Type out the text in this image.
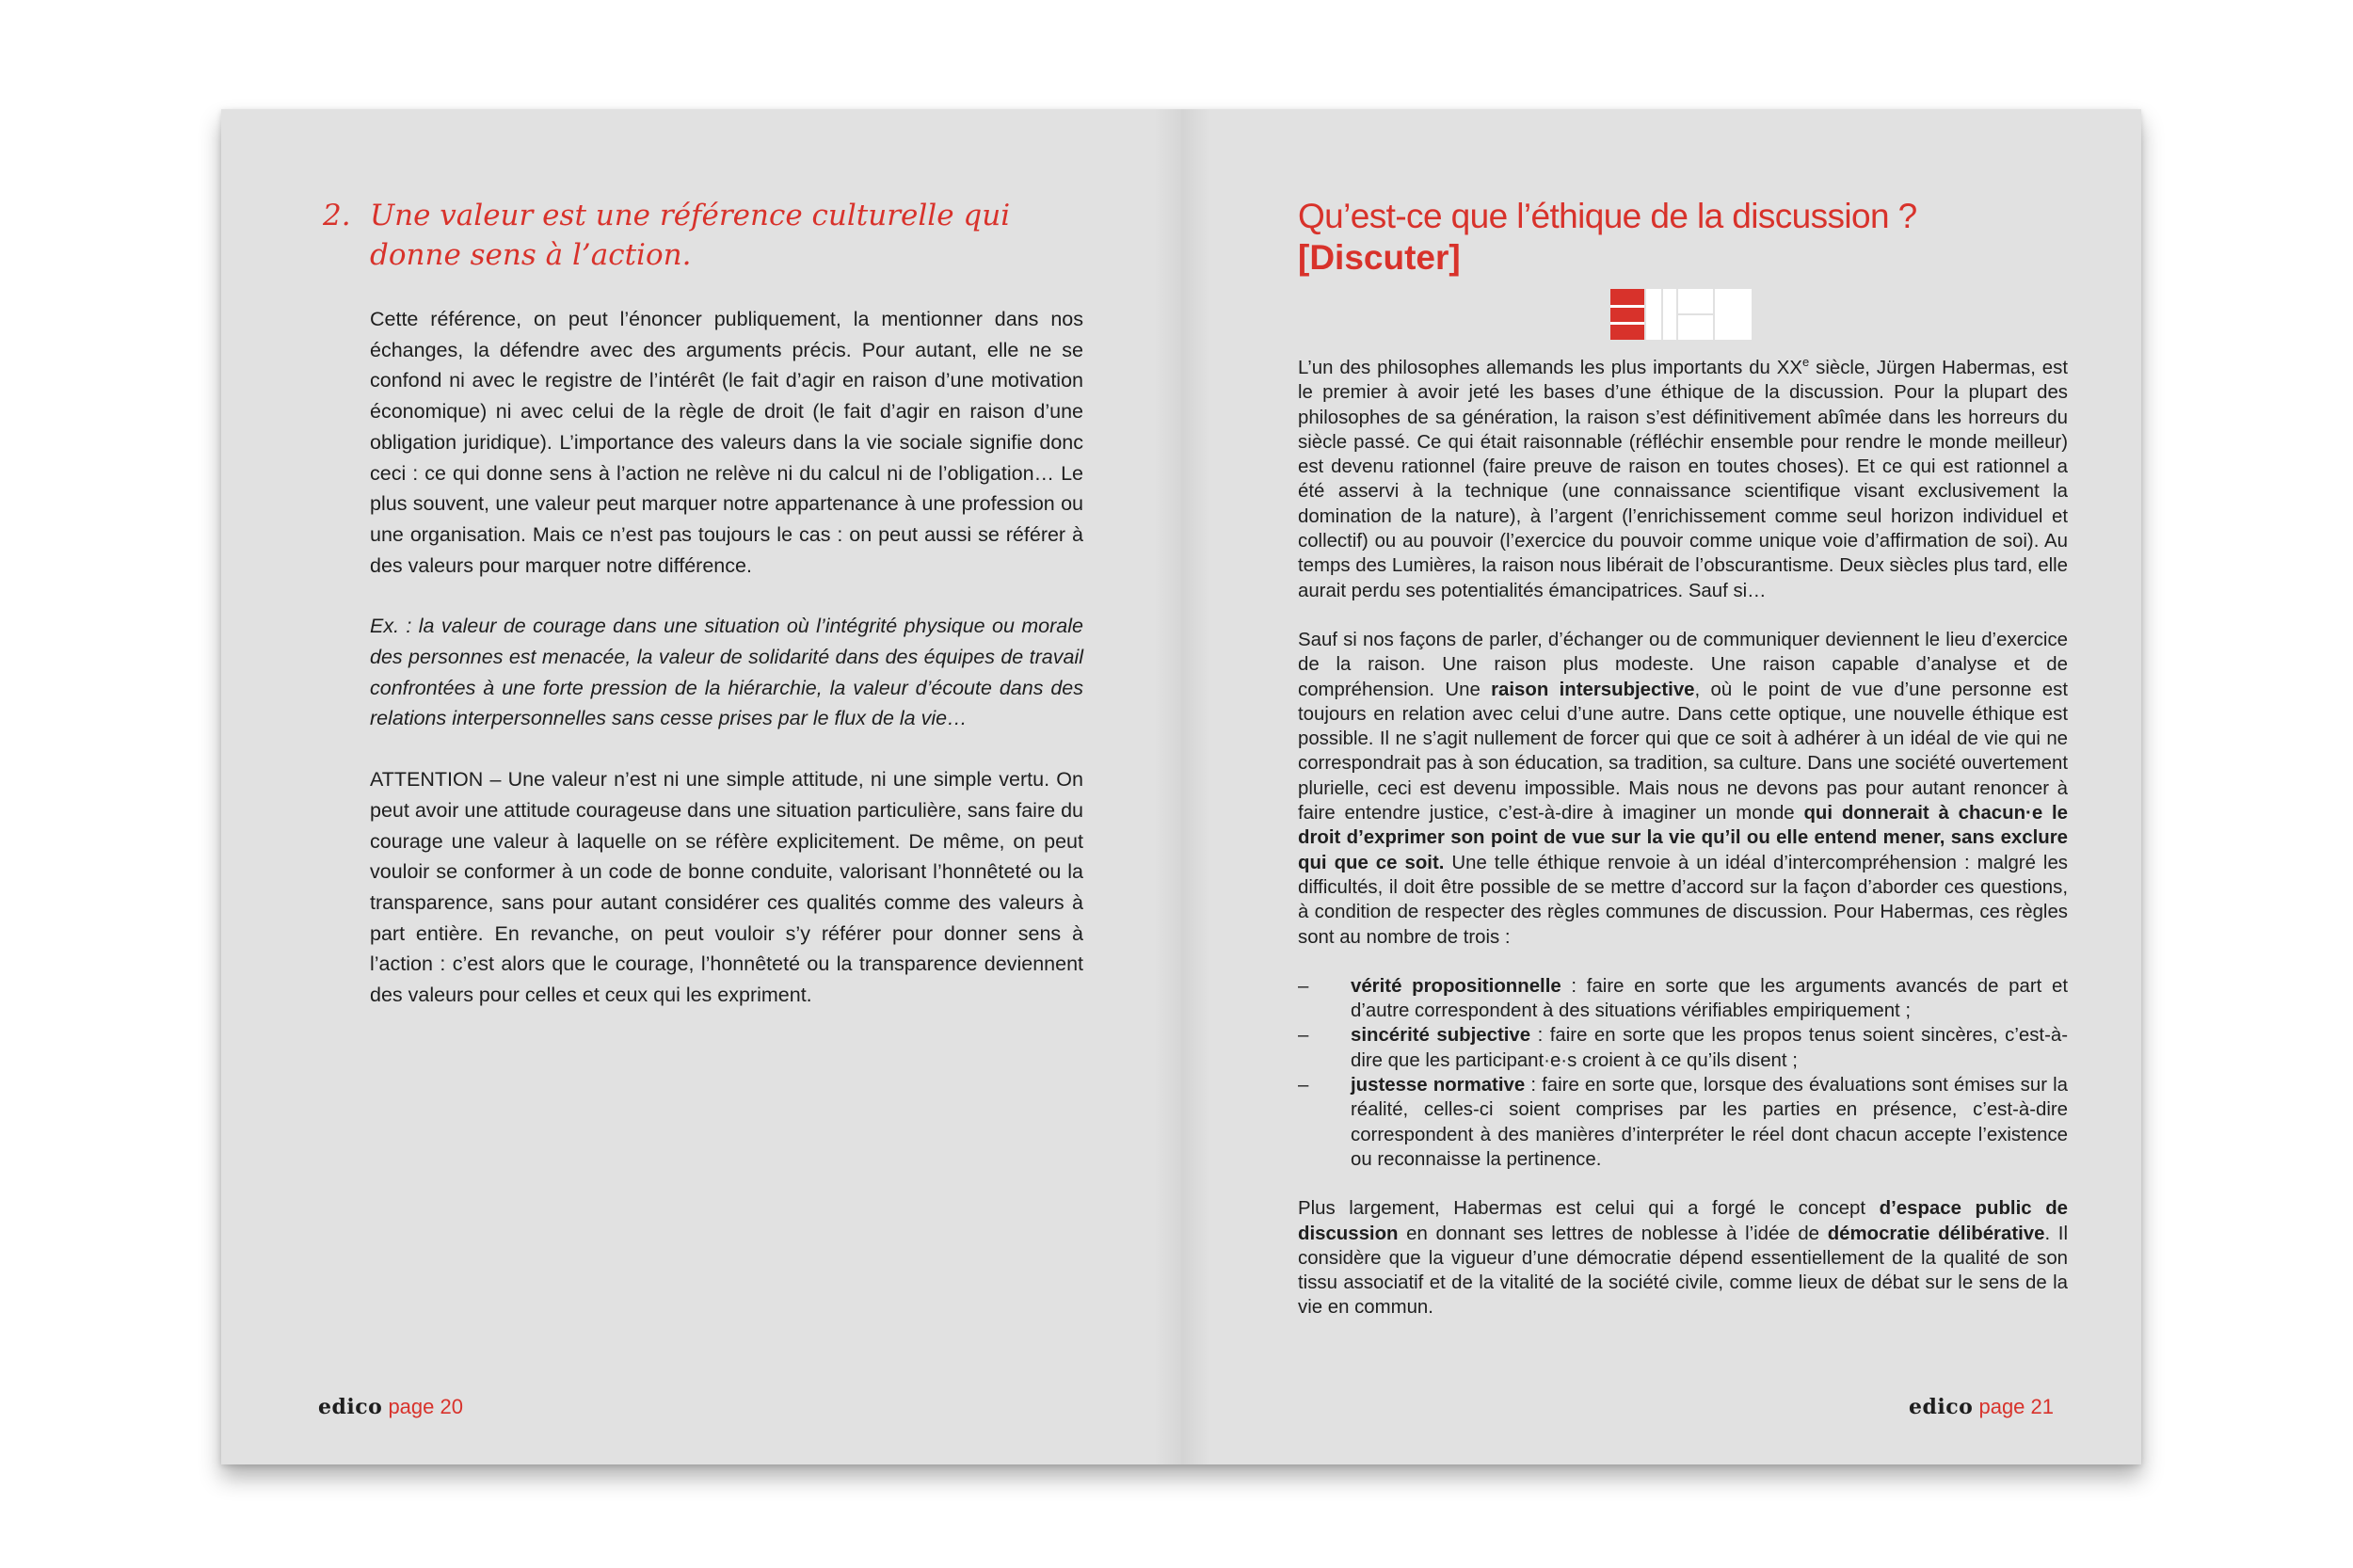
2. Une valeur est une référence culturelle qui donne sens à l’action.

Cette référence, on peut l’énoncer publiquement, la mentionner dans nos échanges, la défendre avec des arguments précis. Pour autant, elle ne se confond ni avec le registre de l’intérêt (le fait d’agir en raison d’une motivation économique) ni avec celui de la règle de droit (le fait d’agir en raison d’une obligation juridique). L’importance des valeurs dans la vie sociale signifie donc ceci : ce qui donne sens à l’action ne relève ni du calcul ni de l’obligation… Le plus souvent, une valeur peut marquer notre appartenance à une profession ou une organisation. Mais ce n’est pas toujours le cas : on peut aussi se référer à des valeurs pour marquer notre différence.

Ex. : la valeur de courage dans une situation où l’intégrité physique ou morale des personnes est menacée, la valeur de solidarité dans des équipes de travail confrontées à une forte pression de la hiérarchie, la valeur d’écoute dans des relations interpersonnelles sans cesse prises par le flux de la vie…

ATTENTION – Une valeur n’est ni une simple attitude, ni une simple vertu. On peut avoir une attitude courageuse dans une situation particulière, sans faire du courage une valeur à laquelle on se réfère explicitement. De même, on peut vouloir se conformer à un code de bonne conduite, valorisant l’honnêteté ou la transparence, sans pour autant considérer ces qualités comme des valeurs à part entière. En revanche, on peut vouloir s’y référer pour donner sens à l’action : c’est alors que le courage, l’honnêteté ou la transparence deviennent des valeurs pour celles et ceux qui les expriment.

edico page 20
Qu’est-ce que l’éthique de la discussion ?
[Discuter]

L’un des philosophes allemands les plus importants du XXe siècle, Jürgen Habermas, est le premier à avoir jeté les bases d’une éthique de la discussion. Pour la plupart des philosophes de sa génération, la raison s’est définitivement abîmée dans les horreurs du siècle passé. Ce qui était raisonnable (réfléchir ensemble pour rendre le monde meilleur) est devenu rationnel (faire preuve de raison en toutes choses). Et ce qui est rationnel a été asservi à la technique (une connaissance scientifique visant exclusivement la domination de la nature), à l’argent (l’enrichissement comme seul horizon individuel et collectif) ou au pouvoir (l’exercice du pouvoir comme unique voie d’affirmation de soi). Au temps des Lumières, la raison nous libérait de l’obscurantisme. Deux siècles plus tard, elle aurait perdu ses potentialités émancipatrices. Sauf si…

Sauf si nos façons de parler, d’échanger ou de communiquer deviennent le lieu d’exercice de la raison. Une raison plus modeste. Une raison capable d’analyse et de compréhension. Une raison intersubjective, où le point de vue d’une personne est toujours en relation avec celui d’une autre. Dans cette optique, une nouvelle éthique est possible. Il ne s’agit nullement de forcer qui que ce soit à adhérer à un idéal de vie qui ne correspondrait pas à son éducation, sa tradition, sa culture. Dans une société ouvertement plurielle, ceci est devenu impossible. Mais nous ne devons pas pour autant renoncer à faire entendre justice, c’est-à-dire à imaginer un monde qui donnerait à chacun·e le droit d’exprimer son point de vue sur la vie qu’il ou elle entend mener, sans exclure qui que ce soit. Une telle éthique renvoie à un idéal d’intercompréhension : malgré les difficultés, il doit être possible de se mettre d’accord sur la façon d’aborder ces questions, à condition de respecter des règles communes de discussion. Pour Habermas, ces règles sont au nombre de trois :

–	vérité propositionnelle : faire en sorte que les arguments avancés de part et d’autre correspondent à des situations vérifiables empiriquement ;
–	sincérité subjective : faire en sorte que les propos tenus soient sincères, c’est-à-dire que les participant·e·s croient à ce qu’ils disent ;
–	justesse normative : faire en sorte que, lorsque des évaluations sont émises sur la réalité, celles-ci soient comprises par les parties en présence, c’est-à-dire correspondent à des manières d’interpréter le réel dont chacun accepte l’existence ou reconnaisse la pertinence.

Plus largement, Habermas est celui qui a forgé le concept d’espace public de discussion en donnant ses lettres de noblesse à l’idée de démocratie délibérative. Il considère que la vigueur d’une démocratie dépend essentiellement de la qualité de son tissu associatif et de la vitalité de la société civile, comme lieux de débat sur le sens de la vie en commun.

edico page 21
